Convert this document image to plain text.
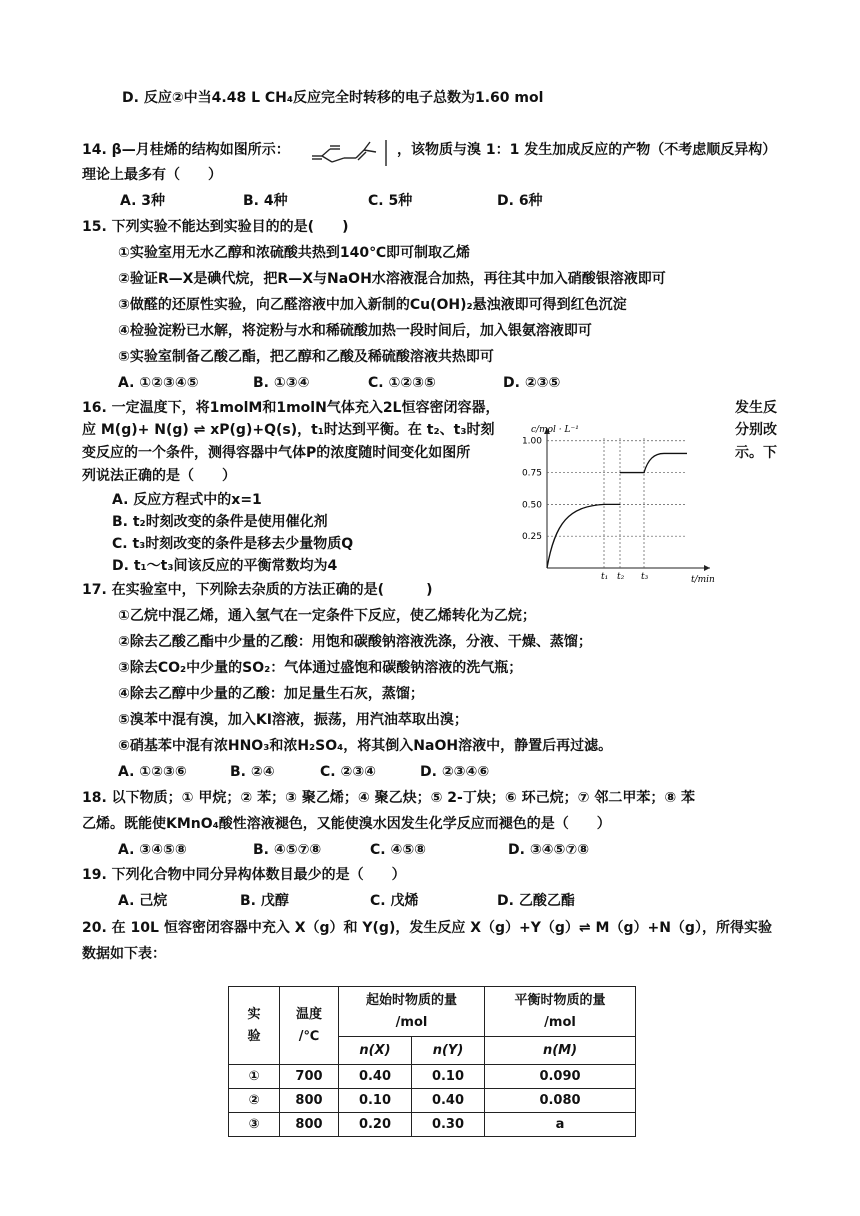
D. 反应②中当4.48 L CH₄反应完全时转移的电子总数为1.60 mol
14. β—月桂烯的结构如图所示：	，该物质与溴 1：1 发生加成反应的产物（不考虑顺反异构）
理论上最多有（　　）
A. 3种	B. 4种	C. 5种	D. 6种
15. 下列实验不能达到实验目的的是(　　)
①实验室用无水乙醇和浓硫酸共热到140℃即可制取乙烯
②验证R—X是碘代烷，把R—X与NaOH水溶液混合加热，再往其中加入硝酸银溶液即可
③做醛的还原性实验，向乙醛溶液中加入新制的Cu(OH)₂悬浊液即可得到红色沉淀
④检验淀粉已水解，将淀粉与水和稀硫酸加热一段时间后，加入银氨溶液即可
⑤实验室制备乙酸乙酯，把乙醇和乙酸及稀硫酸溶液共热即可
A. ①②③④⑤	B. ①③④	C. ①②③⑤	D. ②③⑤
16. 一定温度下，将1molM和1molN气体充入2L恒容密闭容器，	发生反
应 M(g)+ N(g) ⇌ xP(g)+Q(s)，t₁时达到平衡。在 t₂、t₃时刻	分别改
变反应的一个条件，测得容器中气体P的浓度随时间变化如图所	示。下
列说法正确的是（　　）
A. 反应方程式中的x=1
B. t₂时刻改变的条件是使用催化剂
C. t₃时刻改变的条件是移去少量物质Q
D. t₁～t₃间该反应的平衡常数均为4
1.00
0.75
0.50
0.25
t₁ t₂ t₃
c/mol · L⁻¹
t/min
17. 在实验室中，下列除去杂质的方法正确的是(　　　)
①乙烷中混乙烯，通入氢气在一定条件下反应，使乙烯转化为乙烷；
②除去乙酸乙酯中少量的乙酸：用饱和碳酸钠溶液洗涤，分液、干燥、蒸馏；
③除去CO₂中少量的SO₂：气体通过盛饱和碳酸钠溶液的洗气瓶；
④除去乙醇中少量的乙酸：加足量生石灰，蒸馏；
⑤溴苯中混有溴，加入KI溶液，振荡，用汽油萃取出溴；
⑥硝基苯中混有浓HNO₃和浓H₂SO₄，将其倒入NaOH溶液中，静置后再过滤。
A. ①②③⑥	B. ②④	C. ②③④	D. ②③④⑥
18. 以下物质；① 甲烷；② 苯；③ 聚乙烯；④ 聚乙炔；⑤ 2-丁炔；⑥ 环己烷；⑦ 邻二甲苯；⑧ 苯
乙烯。既能使KMnO₄酸性溶液褪色，又能使溴水因发生化学反应而褪色的是（　　）
A. ③④⑤⑧	B. ④⑤⑦⑧	C. ④⑤⑧	D. ③④⑤⑦⑧
19. 下列化合物中同分异构体数目最少的是（　　）
A. 己烷	B. 戊醇	C. 戊烯	D. 乙酸乙酯
20. 在 10L 恒容密闭容器中充入 X（g）和 Y(g)，发生反应 X（g）+Y（g）⇌ M（g）+N（g），所得实验
数据如下表：
实
验	温度
/℃	起始时物质的量
/mol		平衡时物质的量
/mol
		n(X)	n(Y)	n(M)
①	700	0.40	0.10	0.090
②	800	0.10	0.40	0.080
③	800	0.20	0.30	a
